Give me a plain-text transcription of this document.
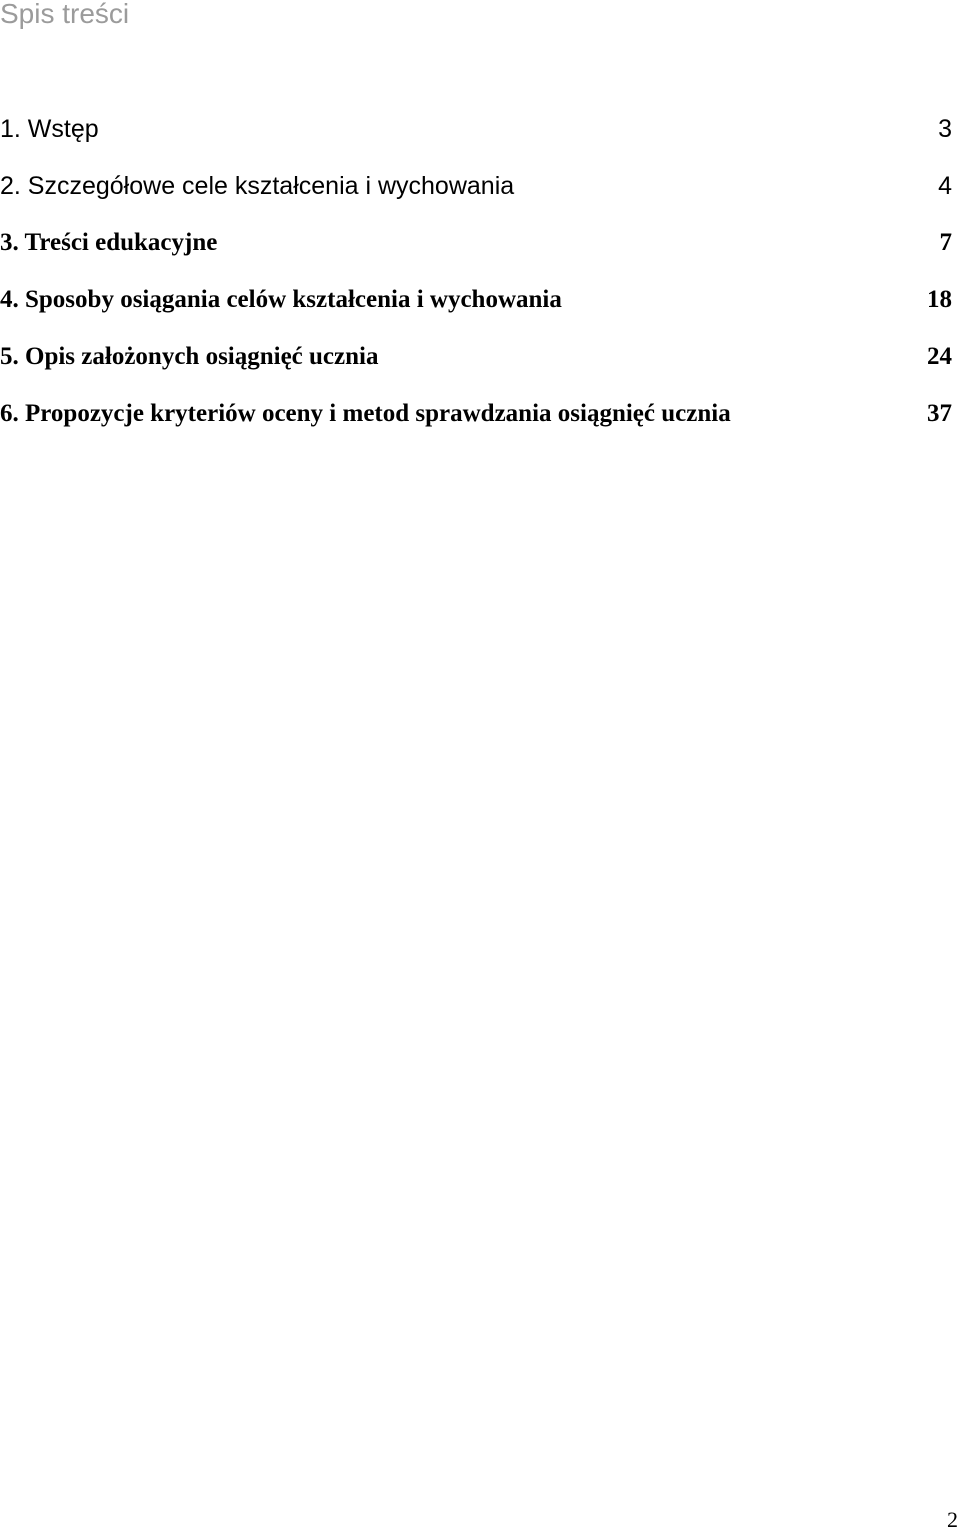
Spis treści
1. Wstęp	3
2. Szczegółowe cele kształcenia i wychowania	4
3. Treści edukacyjne	7
4. Sposoby osiągania celów kształcenia i wychowania	18
5. Opis założonych osiągnięć ucznia	24
6. Propozycje kryteriów oceny i metod sprawdzania osiągnięć ucznia	37
2
